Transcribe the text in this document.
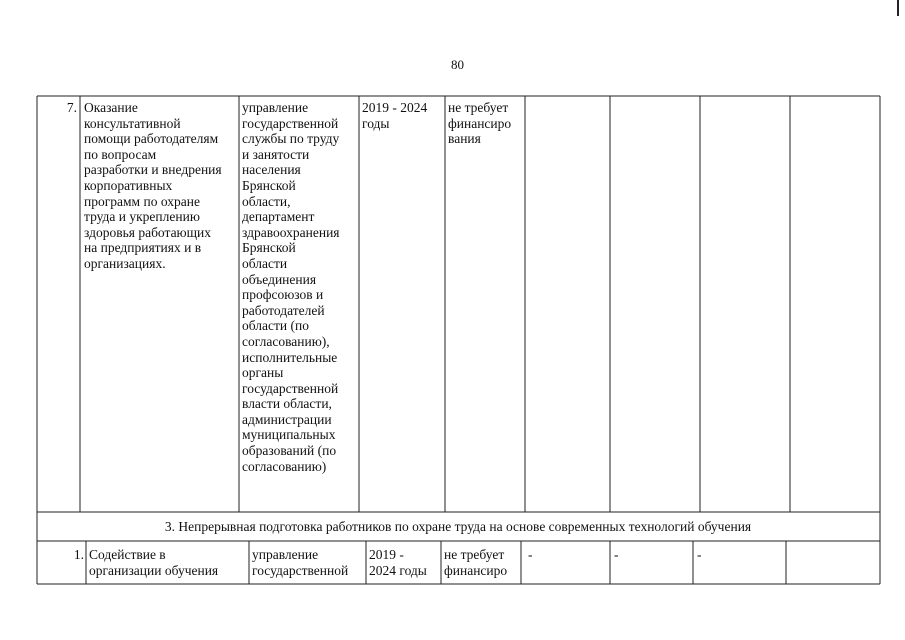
80
7. Оказание
консультативной
помощи работодателям
по вопросам
разработки и внедрения
корпоративных
программ по охране
труда и укреплению
здоровья работающих
на предприятиях и в
организациях.
управление
государственной
службы по труду
и занятости
населения
Брянской
области,
департамент
здравоохранения
Брянской
области
объединения
профсоюзов и
работодателей
области (по
согласованию),
исполнительные
органы
государственной
власти области,
администрации
муниципальных
образований (по
согласованию)
2019 - 2024
годы
не требует
финансиро
вания
3. Непрерывная подготовка работников по охране труда на основе современных технологий обучения
1. Содействие в
организации обучения
управление
государственной
2019 -
2024 годы
не требует
финансиро
-	-	-
